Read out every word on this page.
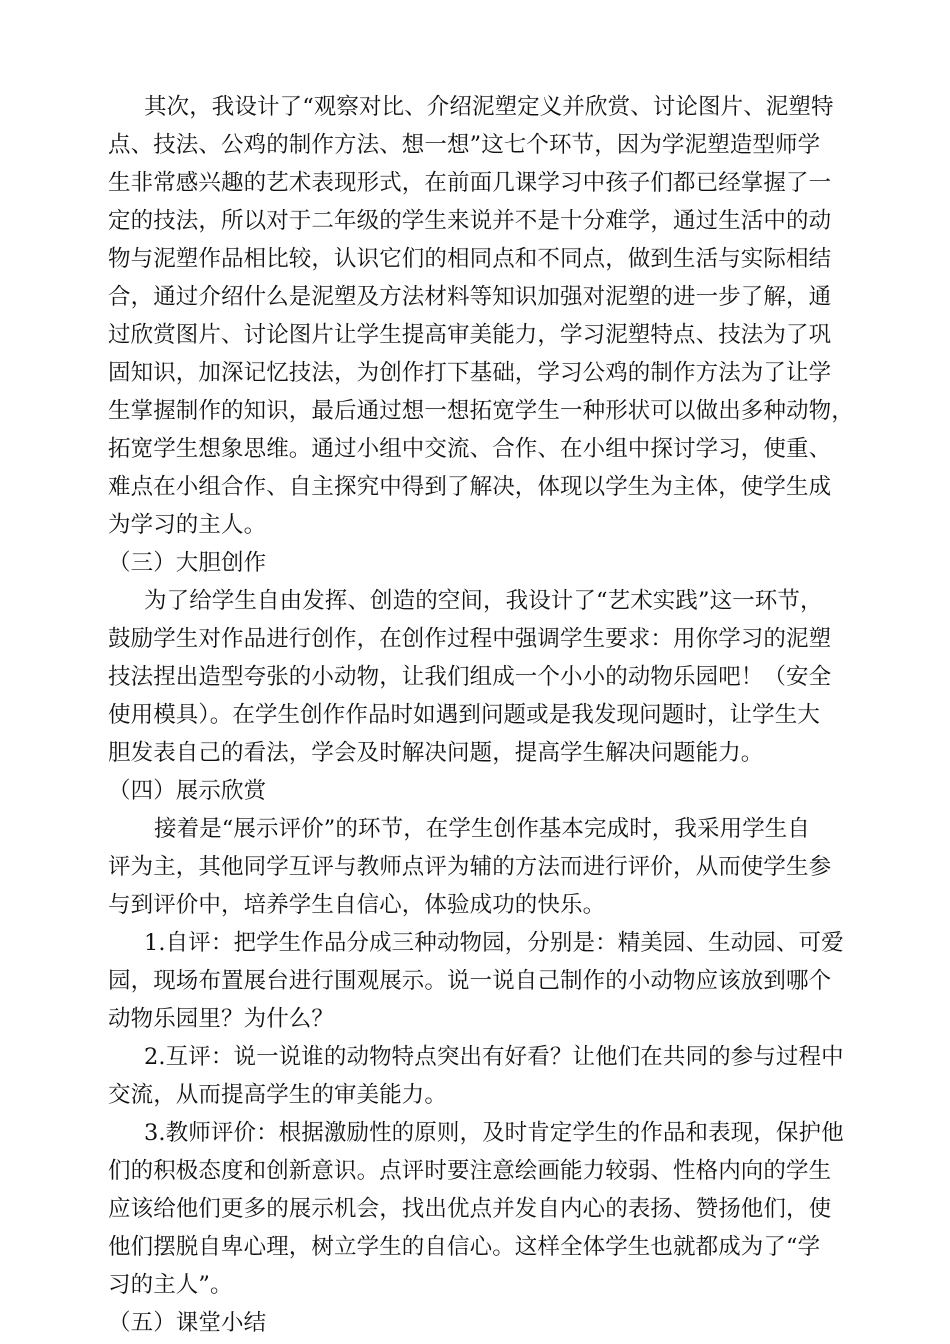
其次，我设计了“观察对比、介绍泥塑定义并欣赏、讨论图片、泥塑特
点、技法、公鸡的制作方法、想一想”这七个环节，因为学泥塑造型师学
生非常感兴趣的艺术表现形式，在前面几课学习中孩子们都已经掌握了一
定的技法，所以对于二年级的学生来说并不是十分难学，通过生活中的动
物与泥塑作品相比较，认识它们的相同点和不同点，做到生活与实际相结
合，通过介绍什么是泥塑及方法材料等知识加强对泥塑的进一步了解，通
过欣赏图片、讨论图片让学生提高审美能力，学习泥塑特点、技法为了巩
固知识，加深记忆技法，为创作打下基础，学习公鸡的制作方法为了让学
生掌握制作的知识，最后通过想一想拓宽学生一种形状可以做出多种动物，
拓宽学生想象思维。通过小组中交流、合作、在小组中探讨学习，使重、
难点在小组合作、自主探究中得到了解决，体现以学生为主体，使学生成
为学习的主人。
（三）大胆创作
为了给学生自由发挥、创造的空间，我设计了“艺术实践”这一环节，
鼓励学生对作品进行创作，在创作过程中强调学生要求：用你学习的泥塑
技法捏出造型夸张的小动物，让我们组成一个小小的动物乐园吧！（安全
使用模具）。在学生创作作品时如遇到问题或是我发现问题时，让学生大
胆发表自己的看法，学会及时解决问题，提高学生解决问题能力。
（四）展示欣赏
接着是“展示评价”的环节，在学生创作基本完成时，我采用学生自
评为主，其他同学互评与教师点评为辅的方法而进行评价，从而使学生参
与到评价中，培养学生自信心，体验成功的快乐。
1.自评：把学生作品分成三种动物园，分别是：精美园、生动园、可爱
园，现场布置展台进行围观展示。说一说自己制作的小动物应该放到哪个
动物乐园里？为什么？
2.互评：说一说谁的动物特点突出有好看？让他们在共同的参与过程中
交流，从而提高学生的审美能力。
3.教师评价：根据激励性的原则，及时肯定学生的作品和表现，保护他
们的积极态度和创新意识。点评时要注意绘画能力较弱、性格内向的学生
应该给他们更多的展示机会，找出优点并发自内心的表扬、赞扬他们，使
他们摆脱自卑心理，树立学生的自信心。这样全体学生也就都成为了“学
习的主人”。
（五）课堂小结
